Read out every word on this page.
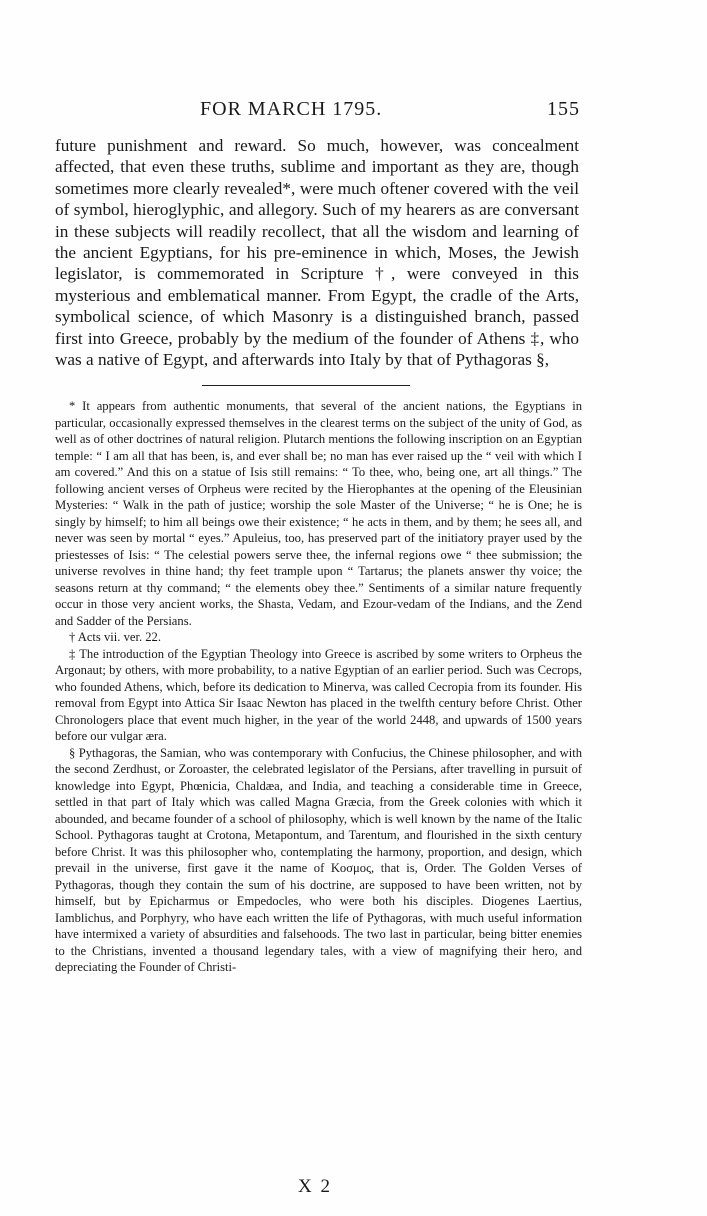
FOR MARCH 1795.	155

future punishment and reward. So much, however, was concealment affected, that even these truths, sublime and important as they are, though sometimes more clearly revealed*, were much oftener covered with the veil of symbol, hieroglyphic, and allegory. Such of my hearers as are conversant in these subjects will readily recollect, that all the wisdom and learning of the ancient Egyptians, for his pre-eminence in which, Moses, the Jewish legislator, is commemorated in Scripture †, were conveyed in this mysterious and emblematical manner. From Egypt, the cradle of the Arts, symbolical science, of which Masonry is a distinguished branch, passed first into Greece, probably by the medium of the founder of Athens ‡, who was a native of Egypt, and afterwards into Italy by that of Pythagoras §,

* It appears from authentic monuments, that several of the ancient nations, the Egyptians in particular, occasionally expressed themselves in the clearest terms on the subject of the unity of God, as well as of other doctrines of natural religion. Plutarch mentions the following inscription on an Egyptian temple: “ I am all that has been, is, and ever shall be; no man has ever raised up the “ veil with which I am covered.” And this on a statue of Isis still remains: “ To thee, who, being one, art all things.” The following ancient verses of Orpheus were recited by the Hierophantes at the opening of the Eleusinian Mysteries: “ Walk in the path of justice; worship the sole Master of the Universe; “ he is One; he is singly by himself; to him all beings owe their existence; “ he acts in them, and by them; he sees all, and never was seen by mortal “ eyes.” Apuleius, too, has preserved part of the initiatory prayer used by the priestesses of Isis: “ The celestial powers serve thee, the infernal regions owe “ thee submission; the universe revolves in thine hand; thy feet trample upon “ Tartarus; the planets answer thy voice; the seasons return at thy command; “ the elements obey thee.” Sentiments of a similar nature frequently occur in those very ancient works, the Shasta, Vedam, and Ezour-vedam of the Indians, and the Zend and Sadder of the Persians.

† Acts vii. ver. 22.

‡ The introduction of the Egyptian Theology into Greece is ascribed by some writers to Orpheus the Argonaut; by others, with more probability, to a native Egyptian of an earlier period. Such was Cecrops, who founded Athens, which, before its dedication to Minerva, was called Cecropia from its founder. His removal from Egypt into Attica Sir Isaac Newton has placed in the twelfth century before Christ. Other Chronologers place that event much higher, in the year of the world 2448, and upwards of 1500 years before our vulgar æra.

§ Pythagoras, the Samian, who was contemporary with Confucius, the Chinese philosopher, and with the second Zerdhust, or Zoroaster, the celebrated legislator of the Persians, after travelling in pursuit of knowledge into Egypt, Phœnicia, Chaldæa, and India, and teaching a considerable time in Greece, settled in that part of Italy which was called Magna Græcia, from the Greek colonies with which it abounded, and became founder of a school of philosophy, which is well known by the name of the Italic School. Pythagoras taught at Crotona, Metapontum, and Tarentum, and flourished in the sixth century before Christ. It was this philosopher who, contemplating the harmony, proportion, and design, which prevail in the universe, first gave it the name of Κοσμος, that is, Order. The Golden Verses of Pythagoras, though they contain the sum of his doctrine, are supposed to have been written, not by himself, but by Epicharmus or Empedocles, who were both his disciples. Diogenes Laertius, Iamblichus, and Porphyry, who have each written the life of Pythagoras, with much useful information have intermixed a variety of absurdities and falsehoods. The two last in particular, being bitter enemies to the Christians, invented a thousand legendary tales, with a view of magnifying their hero, and depreciating the Founder of Christi-

X 2
